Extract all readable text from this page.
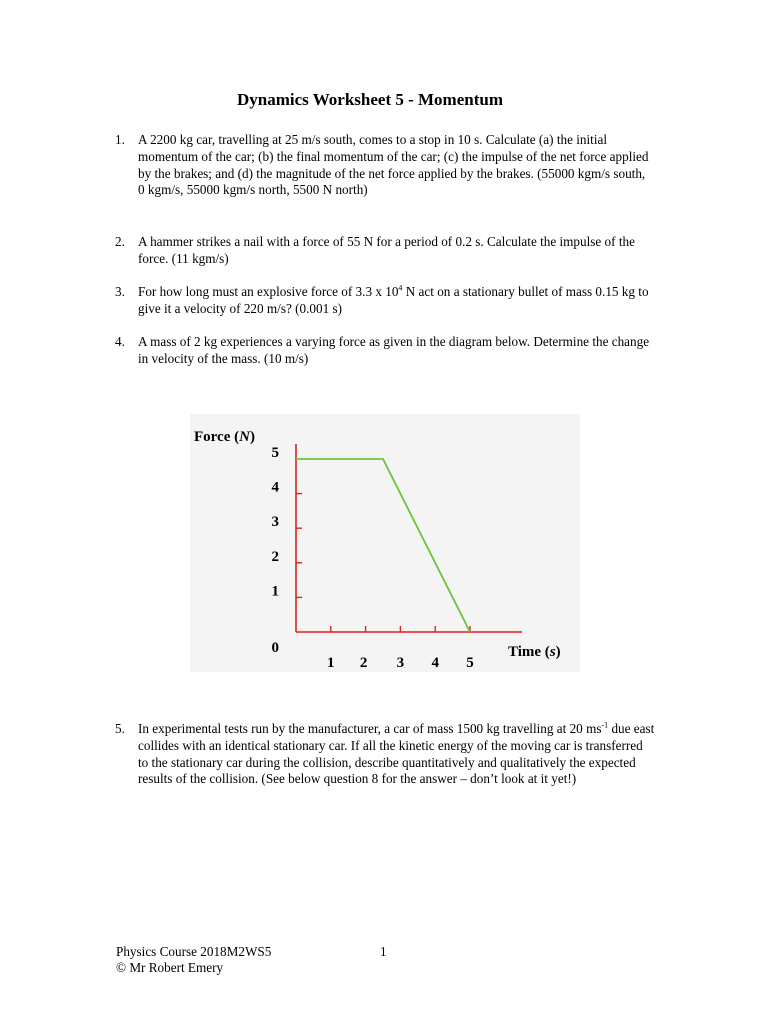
Dynamics Worksheet 5 - Momentum
1. A 2200 kg car, travelling at 25 m/s south, comes to a stop in 10 s. Calculate (a) the initial momentum of the car; (b) the final momentum of the car; (c) the impulse of the net force applied by the brakes; and (d) the magnitude of the net force applied by the brakes. (55000 kgm/s south, 0 kgm/s, 55000 kgm/s north, 5500 N north)
2. A hammer strikes a nail with a force of 55 N for a period of 0.2 s. Calculate the impulse of the force. (11 kgm/s)
3. For how long must an explosive force of 3.3 x $10^4$ N act on a stationary bullet of mass 0.15 kg to give it a velocity of 220 m/s? (0.001 s)
4. A mass of 2 kg experiences a varying force as given in the diagram below. Determine the change in velocity of the mass. (10 m/s)
1
2
3
4
5
1 2 3 4 5
0
Force (N)
Time (s)
5. In experimental tests run by the manufacturer, a car of mass 1500 kg travelling at 20 $ms^{-1}$ due east collides with an identical stationary car. If all the kinetic energy of the moving car is transferred to the stationary car during the collision, describe quantitatively and qualitatively the expected results of the collision. (See below question 8 for the answer – don’t look at it yet!)
Physics Course 2018M2WS5
© Mr Robert Emery
1
